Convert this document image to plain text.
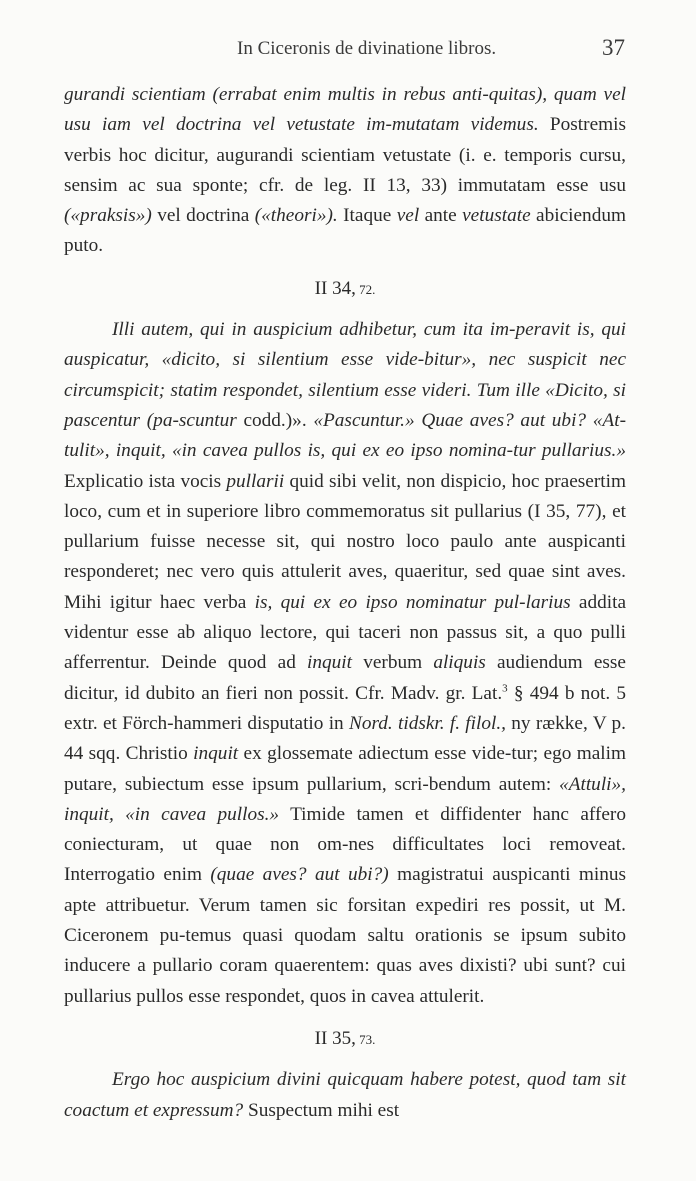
In Ciceronis de divinatione libros.	37

gurandi scientiam (errabat enim multis in rebus anti-quitas), quam vel usu iam vel doctrina vel vetustate im-mutatam videmus. Postremis verbis hoc dicitur, augurandi scientiam vetustate (i. e. temporis cursu, sensim ac sua sponte; cfr. de leg. II 13, 33) immutatam esse usu («praksis») vel doctrina («theori»). Itaque vel ante vetustate abiciendum puto.

II 34, 72.

Illi autem, qui in auspicium adhibetur, cum ita im-peravit is, qui auspicatur, «dicito, si silentium esse vide-bitur», nec suspicit nec circumspicit; statim respondet, silentium esse videri. Tum ille «Dicito, si pascentur (pa-scuntur codd.)». «Pascuntur.» Quae aves? aut ubi? «At-tulit», inquit, «in cavea pullos is, qui ex eo ipso nomina-tur pullarius.» Explicatio ista vocis pullarii quid sibi velit, non dispicio, hoc praesertim loco, cum et in superiore libro commemoratus sit pullarius (I 35, 77), et pullarium fuisse necesse sit, qui nostro loco paulo ante auspicanti responderet; nec vero quis attulerit aves, quaeritur, sed quae sint aves. Mihi igitur haec verba is, qui ex eo ipso nominatur pul-larius addita videntur esse ab aliquo lectore, qui taceri non passus sit, a quo pulli afferrentur. Deinde quod ad inquit verbum aliquis audiendum esse dicitur, id dubito an fieri non possit. Cfr. Madv. gr. Lat.$^3$ § 494 b not. 5 extr. et Förch-hammeri disputatio in Nord. tidskr. f. filol., ny række, V p. 44 sqq. Christio inquit ex glossemate adiectum esse vide-tur; ego malim putare, subiectum esse ipsum pullarium, scri-bendum autem: «Attuli», inquit, «in cavea pullos.» Timide tamen et diffidenter hanc affero coniecturam, ut quae non om-nes difficultates loci removeat. Interrogatio enim (quae aves? aut ubi?) magistratui auspicanti minus apte attribuetur. Verum tamen sic forsitan expediri res possit, ut M. Ciceronem pu-temus quasi quodam saltu orationis se ipsum subito inducere a pullario coram quaerentem: quas aves dixisti? ubi sunt? cui pullarius pullos esse respondet, quos in cavea attulerit.

II 35, 73.

Ergo hoc auspicium divini quicquam habere potest, quod tam sit coactum et expressum? Suspectum mihi est
